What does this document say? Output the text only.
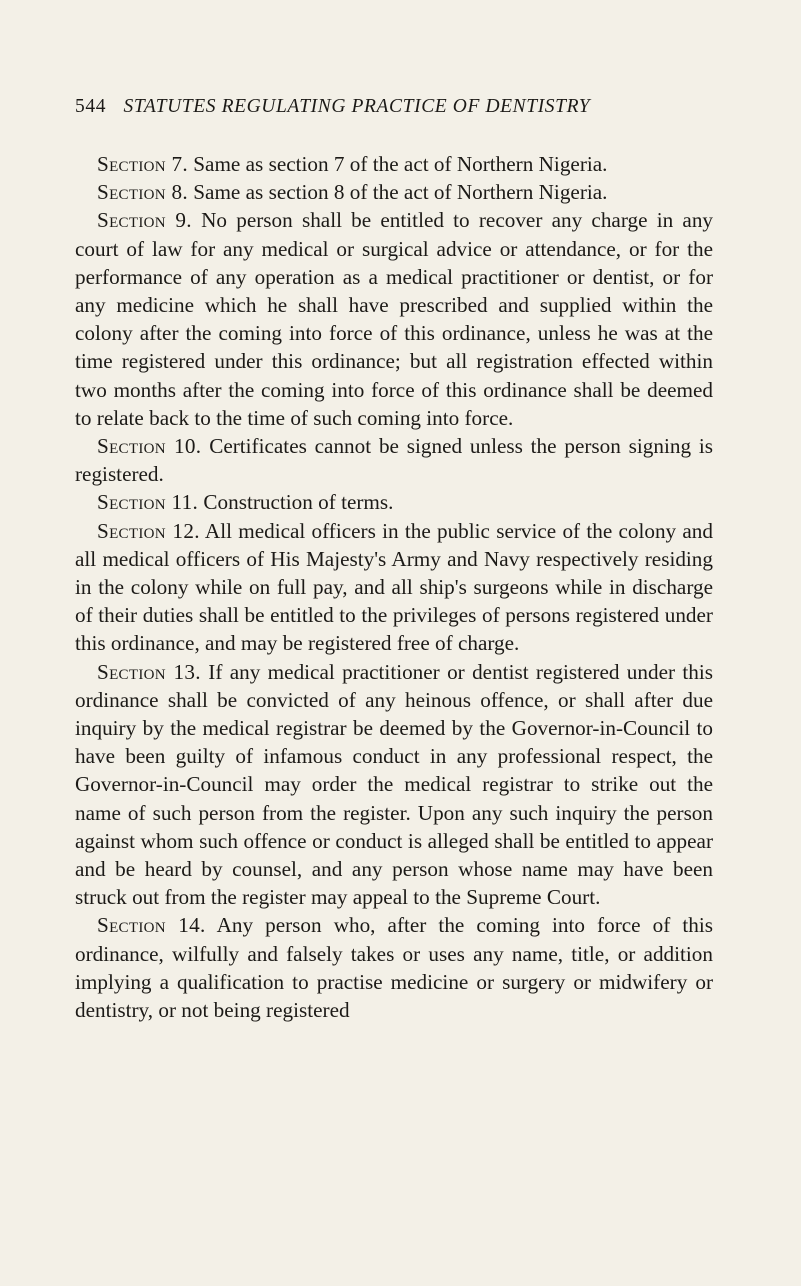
544 STATUTES REGULATING PRACTICE OF DENTISTRY

Section 7. Same as section 7 of the act of Northern Nigeria.

Section 8. Same as section 8 of the act of Northern Nigeria.

Section 9. No person shall be entitled to recover any charge in any court of law for any medical or surgical advice or attendance, or for the performance of any operation as a medical practitioner or dentist, or for any medicine which he shall have prescribed and supplied within the colony after the coming into force of this ordinance, unless he was at the time registered under this ordinance; but all registration effected within two months after the coming into force of this ordinance shall be deemed to relate back to the time of such coming into force.

Section 10. Certificates cannot be signed unless the person signing is registered.

Section 11. Construction of terms.

Section 12. All medical officers in the public service of the colony and all medical officers of His Majesty's Army and Navy respectively residing in the colony while on full pay, and all ship's surgeons while in discharge of their duties shall be entitled to the privileges of persons registered under this ordinance, and may be registered free of charge.

Section 13. If any medical practitioner or dentist registered under this ordinance shall be convicted of any heinous offence, or shall after due inquiry by the medical registrar be deemed by the Governor-in-Council to have been guilty of infamous conduct in any professional respect, the Governor-in-Council may order the medical registrar to strike out the name of such person from the register. Upon any such inquiry the person against whom such offence or conduct is alleged shall be entitled to appear and be heard by counsel, and any person whose name may have been struck out from the register may appeal to the Supreme Court.

Section 14. Any person who, after the coming into force of this ordinance, wilfully and falsely takes or uses any name, title, or addition implying a qualification to practise medicine or surgery or midwifery or dentistry, or not being registered
